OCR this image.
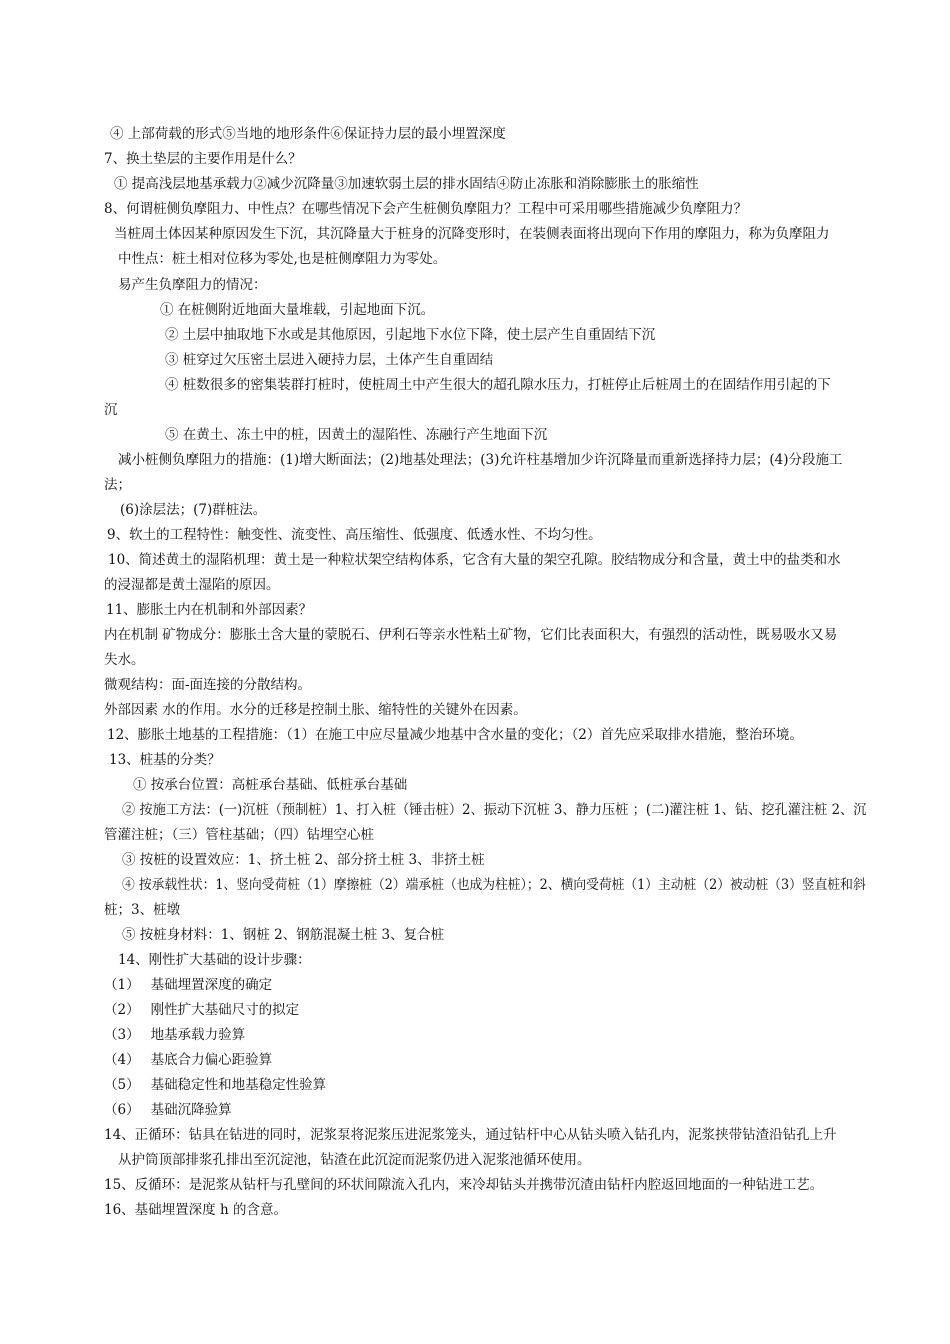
④ 上部荷载的形式⑤当地的地形条件⑥保证持力层的最小埋置深度
7、换土垫层的主要作用是什么？
① 提高浅层地基承载力②减少沉降量③加速软弱土层的排水固结④防止冻胀和消除膨胀土的胀缩性
8、何谓桩侧负摩阻力、中性点？在哪些情况下会产生桩侧负摩阻力？工程中可采用哪些措施减少负摩阻力？
当桩周土体因某种原因发生下沉，其沉降量大于桩身的沉降变形时，在装侧表面将出现向下作用的摩阻力，称为负摩阻力
中性点：桩土相对位移为零处,也是桩侧摩阻力为零处。
易产生负摩阻力的情况：
① 在桩侧附近地面大量堆载，引起地面下沉。
② 土层中抽取地下水或是其他原因，引起地下水位下降，使土层产生自重固结下沉
③ 桩穿过欠压密土层进入硬持力层，土体产生自重固结
④ 桩数很多的密集装群打桩时，使桩周土中产生很大的超孔隙水压力，打桩停止后桩周土的在固结作用引起的下
沉
⑤ 在黄土、冻土中的桩，因黄土的湿陷性、冻融行产生地面下沉
减小桩侧负摩阻力的措施：(1)增大断面法；(2)地基处理法；(3)允许柱基增加少许沉降量而重新选择持力层；(4)分段施工
法；
(6)涂层法；(7)群桩法。
9、软土的工程特性：触变性、流变性、高压缩性、低强度、低透水性、不均匀性。
10、简述黄土的湿陷机理：黄土是一种粒状架空结构体系，它含有大量的架空孔隙。胶结物成分和含量，黄土中的盐类和水
的浸湿都是黄土湿陷的原因。
11、膨胀土内在机制和外部因素？
内在机制 矿物成分：膨胀土含大量的蒙脱石、伊利石等亲水性粘土矿物，它们比表面积大，有强烈的活动性，既易吸水又易
失水。
微观结构：面-面连接的分散结构。
外部因素 水的作用。水分的迁移是控制土胀、缩特性的关键外在因素。
12、膨胀土地基的工程措施：（1）在施工中应尽量减少地基中含水量的变化；（2）首先应采取排水措施，整治环境。
13、桩基的分类？
① 按承台位置：高桩承台基础、低桩承台基础
② 按施工方法：(一)沉桩（预制桩）1、打入桩（锤击桩）2、振动下沉桩 3、静力压桩 ；(二)灌注桩 1、钻、挖孔灌注桩 2、沉
管灌注桩；（三）管柱基础；（四）钻埋空心桩
③ 按桩的设置效应：1、挤土桩 2、部分挤土桩 3、非挤土桩
④ 按承载性状：1、竖向受荷桩（1）摩擦桩（2）端承桩（也成为柱桩）；2、横向受荷桩（1）主动桩（2）被动桩（3）竖直桩和斜
桩；3、桩墩
⑤ 按桩身材料：1、钢桩 2、钢筋混凝土桩 3、复合桩
14、刚性扩大基础的设计步骤：
（1）　 基础埋置深度的确定
（2）　 刚性扩大基础尺寸的拟定
（3）　 地基承载力验算
（4）　 基底合力偏心距验算
（5）　 基础稳定性和地基稳定性验算
（6）　 基础沉降验算
14、正循环：钻具在钻进的同时，泥浆泵将泥浆压进泥浆笼头，通过钻杆中心从钻头喷入钻孔内，泥浆挟带钻渣沿钻孔上升
从护筒顶部排浆孔排出至沉淀池，钻渣在此沉淀而泥浆仍进入泥浆池循环使用。
15、反循环：是泥浆从钻杆与孔壁间的环状间隙流入孔内，来冷却钻头并携带沉渣由钻杆内腔返回地面的一种钻进工艺。
16、基础埋置深度 h 的含意。
